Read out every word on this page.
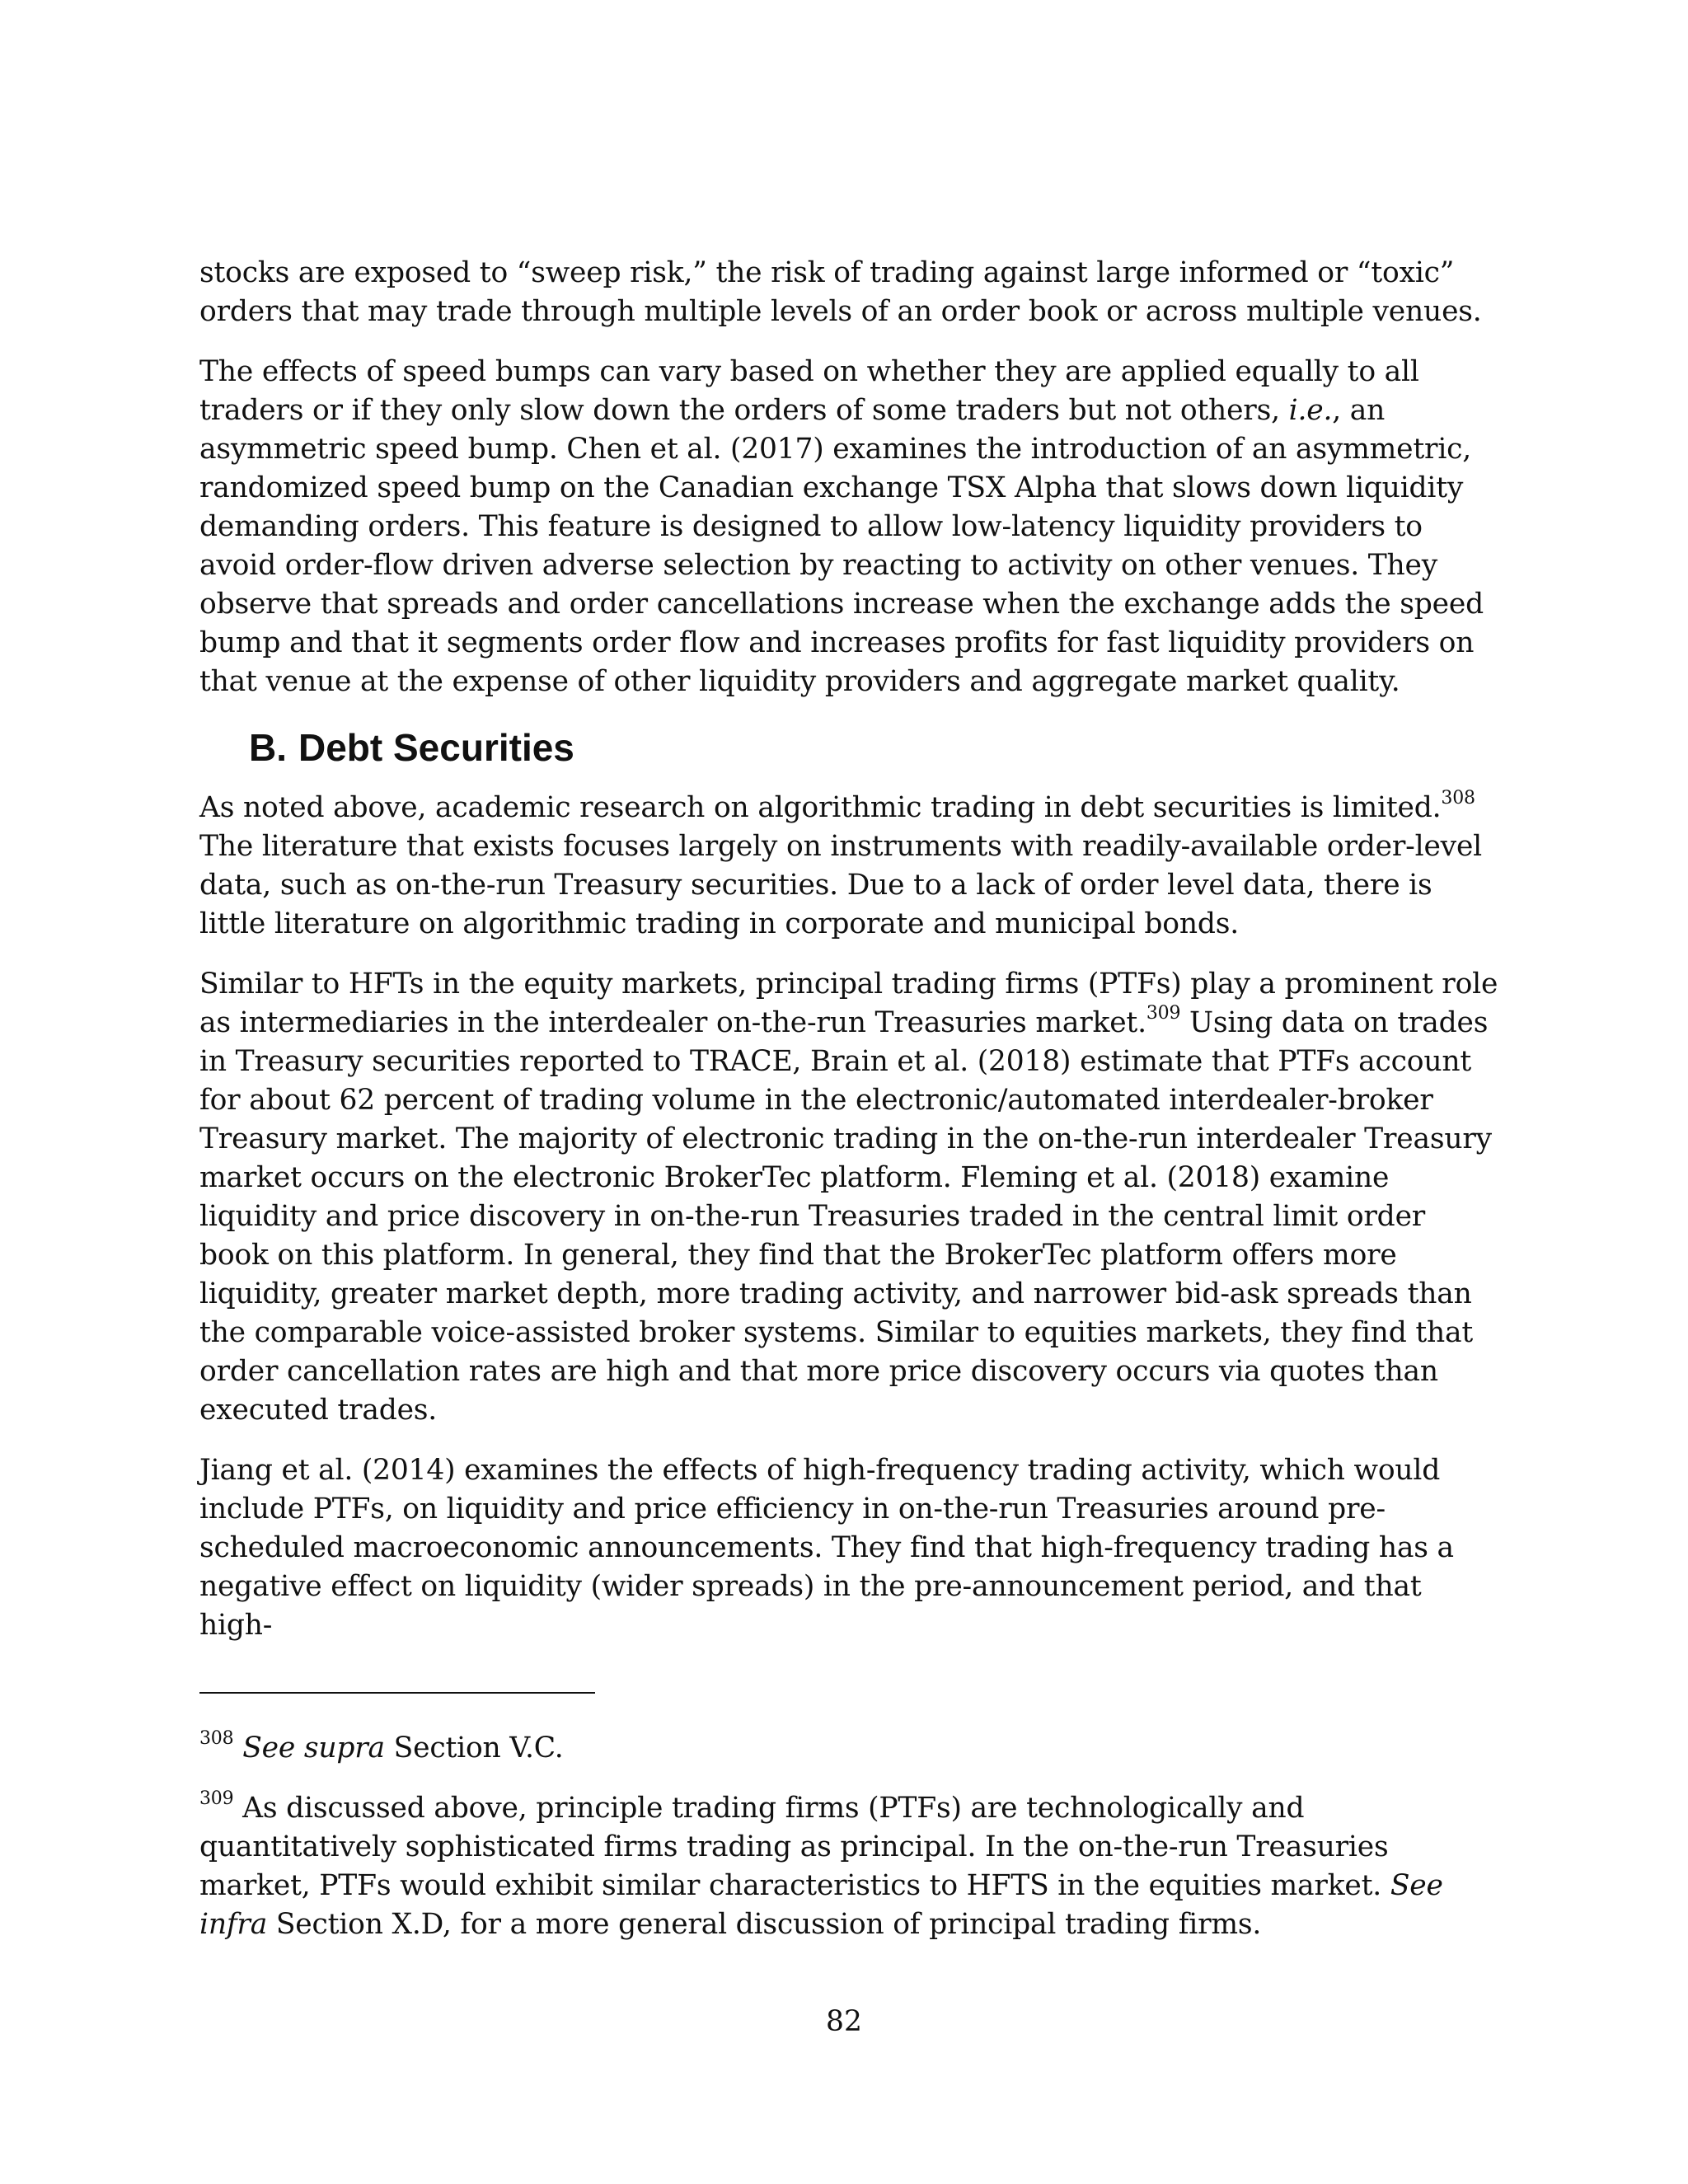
stocks are exposed to “sweep risk,” the risk of trading against large informed or “toxic” orders that may trade through multiple levels of an order book or across multiple venues.

The effects of speed bumps can vary based on whether they are applied equally to all traders or if they only slow down the orders of some traders but not others, i.e., an asymmetric speed bump. Chen et al. (2017) examines the introduction of an asymmetric, randomized speed bump on the Canadian exchange TSX Alpha that slows down liquidity demanding orders. This feature is designed to allow low-latency liquidity providers to avoid order-flow driven adverse selection by reacting to activity on other venues. They observe that spreads and order cancellations increase when the exchange adds the speed bump and that it segments order flow and increases profits for fast liquidity providers on that venue at the expense of other liquidity providers and aggregate market quality.

B. Debt Securities

As noted above, academic research on algorithmic trading in debt securities is limited.$^{308}$ The literature that exists focuses largely on instruments with readily-available order-level data, such as on-the-run Treasury securities. Due to a lack of order level data, there is little literature on algorithmic trading in corporate and municipal bonds.

Similar to HFTs in the equity markets, principal trading firms (PTFs) play a prominent role as intermediaries in the interdealer on-the-run Treasuries market.$^{309}$ Using data on trades in Treasury securities reported to TRACE, Brain et al. (2018) estimate that PTFs account for about 62 percent of trading volume in the electronic/automated interdealer-broker Treasury market. The majority of electronic trading in the on-the-run interdealer Treasury market occurs on the electronic BrokerTec platform. Fleming et al. (2018) examine liquidity and price discovery in on-the-run Treasuries traded in the central limit order book on this platform. In general, they find that the BrokerTec platform offers more liquidity, greater market depth, more trading activity, and narrower bid-ask spreads than the comparable voice-assisted broker systems. Similar to equities markets, they find that order cancellation rates are high and that more price discovery occurs via quotes than executed trades.

Jiang et al. (2014) examines the effects of high-frequency trading activity, which would include PTFs, on liquidity and price efficiency in on-the-run Treasuries around pre-scheduled macroeconomic announcements. They find that high-frequency trading has a negative effect on liquidity (wider spreads) in the pre-announcement period, and that high-

$^{308}$ See supra Section V.C.

$^{309}$ As discussed above, principle trading firms (PTFs) are technologically and quantitatively sophisticated firms trading as principal. In the on-the-run Treasuries market, PTFs would exhibit similar characteristics to HFTS in the equities market. See infra Section X.D, for a more general discussion of principal trading firms.

82
